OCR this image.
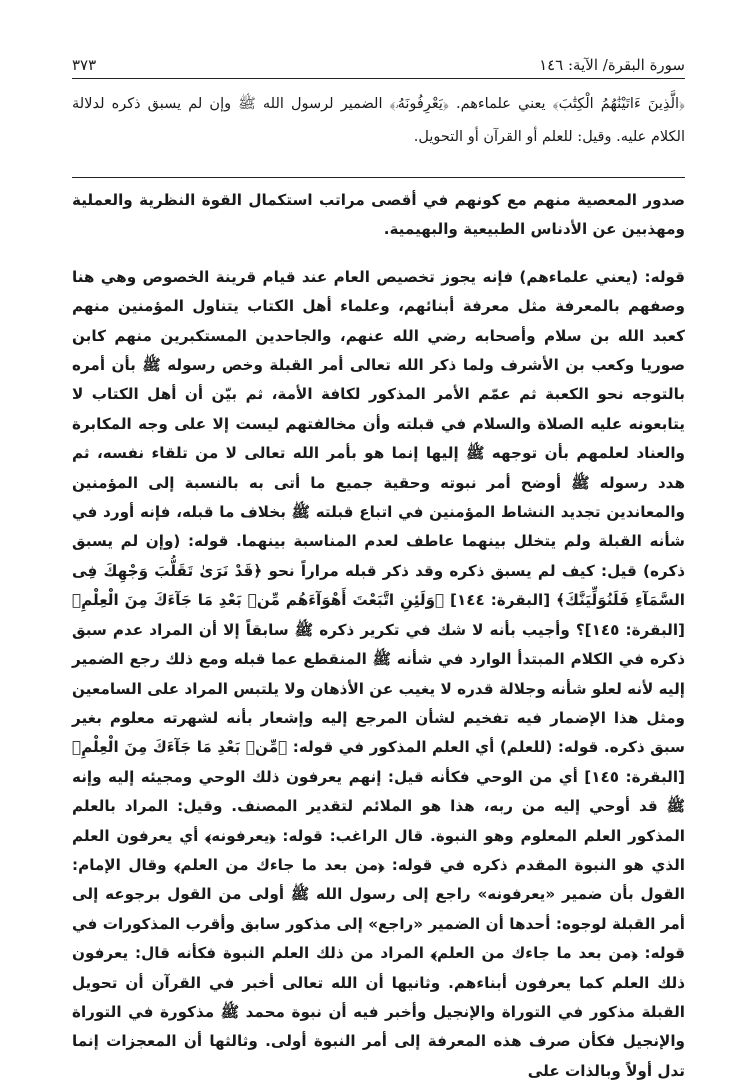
سورة البقرة/ الآية: ١٤٦
٣٧٣

﴿الَّذِينَ ءَاتَيْنَٰهُمُ الْكِتَٰبَ﴾ يعني علماءهم. ﴿يَعْرِفُونَهُۥ﴾ الضمير لرسول الله ﷺ وإن لم يسبق ذكره لدلالة الكلام عليه. وقيل: للعلم أو القرآن أو التحويل.

صدور المعصية منهم مع كونهم في أقصى مراتب استكمال القوة النظرية والعملية ومهذبين عن الأدناس الطبيعية والبهيمية.

قوله: (يعني علماءهم) فإنه يجوز تخصيص العام عند قيام قرينة الخصوص وهي هنا وصفهم بالمعرفة مثل معرفة أبنائهم، وعلماء أهل الكتاب يتناول المؤمنين منهم كعبد الله بن سلام وأصحابه رضي الله عنهم، والجاحدين المستكبرين منهم كابن صوريا وكعب بن الأشرف ولما ذكر الله تعالى أمر القبلة وخص رسوله ﷺ بأن أمره بالتوجه نحو الكعبة ثم عمّم الأمر المذكور لكافة الأمة، ثم بيّن أن أهل الكتاب لا يتابعونه عليه الصلاة والسلام في قبلته وأن مخالفتهم ليست إلا على وجه المكابرة والعناد لعلمهم بأن توجهه ﷺ إليها إنما هو بأمر الله تعالى لا من تلقاء نفسه، ثم هدد رسوله ﷺ أوضح أمر نبوته وحقية جميع ما أتى به بالنسبة إلى المؤمنين والمعاندين تجديد النشاط المؤمنين في اتباع قبلته ﷺ بخلاف ما قبله، فإنه أورد في شأنه القبلة ولم يتخلل بينهما عاطف لعدم المناسبة بينهما. قوله: (وإن لم يسبق ذكره) قيل: كيف لم يسبق ذكره وقد ذكر قبله مراراً نحو ﴿قَدْ نَرَىٰ تَقَلُّبَ وَجْهِكَ فِى السَّمَآءِ فَلَنُوَلِّيَنَّكَ﴾ [البقرة: ١٤٤] ﴿وَلَئِنِ اتَّبَعْتَ أَهْوَآءَهُم مِّنۢ بَعْدِ مَا جَآءَكَ مِنَ الْعِلْمِ﴾ [البقرة: ١٤٥]؟ وأجيب بأنه لا شك في تكرير ذكره ﷺ سابقاً إلا أن المراد عدم سبق ذكره في الكلام المبتدأ الوارد في شأنه ﷺ المنقطع عما قبله ومع ذلك رجع الضمير إليه لأنه لعلو شأنه وجلالة قدره لا يغيب عن الأذهان ولا يلتبس المراد على السامعين ومثل هذا الإضمار فيه تفخيم لشأن المرجع إليه وإشعار بأنه لشهرته معلوم بغير سبق ذكره. قوله: (للعلم) أي العلم المذكور في قوله: ﴿مِّنۢ بَعْدِ مَا جَآءَكَ مِنَ الْعِلْمِ﴾ [البقرة: ١٤٥] أي من الوحي فكأنه قيل: إنهم يعرفون ذلك الوحي ومجيئه إليه وإنه ﷺ قد أوحي إليه من ربه، هذا هو الملائم لتقدير المصنف. وقيل: المراد بالعلم المذكور العلم المعلوم وهو النبوة. قال الراغب: قوله: ﴿يعرفونه﴾ أي يعرفون العلم الذي هو النبوة المقدم ذكره في قوله: ﴿من بعد ما جاءك من العلم﴾ وقال الإمام: القول بأن ضمير «يعرفونه» راجع إلى رسول الله ﷺ أولى من القول برجوعه إلى أمر القبلة لوجوه: أحدها أن الضمير «راجع» إلى مذكور سابق وأقرب المذكورات في قوله: ﴿من بعد ما جاءك من العلم﴾ المراد من ذلك العلم النبوة فكأنه قال: يعرفون ذلك العلم كما يعرفون أبناءهم. وثانيها أن الله تعالى أخبر في القرآن أن تحويل القبلة مذكور في التوراة والإنجيل وأخبر فيه أن نبوة محمد ﷺ مذكورة في التوراة والإنجيل فكأن صرف هذه المعرفة إلى أمر النبوة أولى. وثالثها أن المعجزات إنما تدل أولاً وبالذات على
